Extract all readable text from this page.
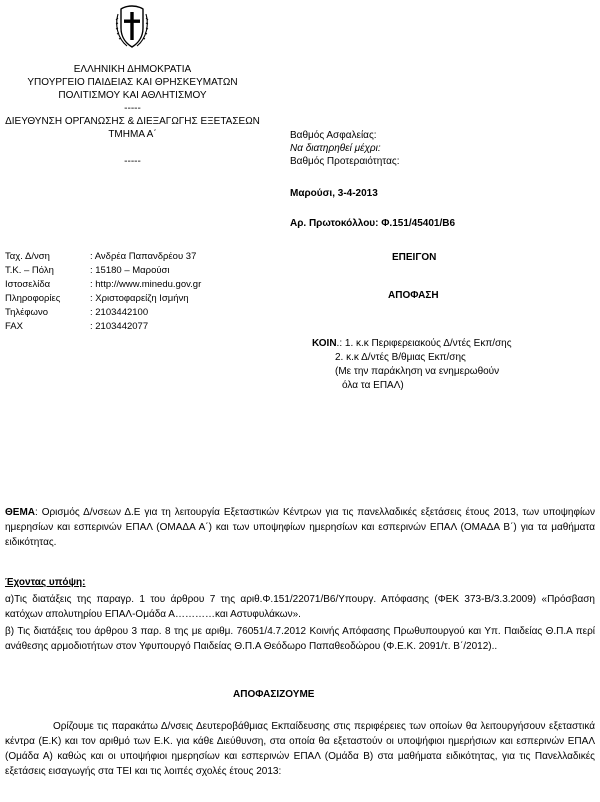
ΕΛΛΗΝΙΚΗ ΔΗΜΟΚΡΑΤΙΑ
ΥΠΟΥΡΓΕΙΟ ΠΑΙΔΕΙΑΣ ΚΑΙ ΘΡΗΣΚΕΥΜΑΤΩΝ
ΠΟΛΙΤΙΣΜΟΥ ΚΑΙ ΑΘΛΗΤΙΣΜΟΥ
-----
ΔΙΕΥΘΥΝΣΗ ΟΡΓΑΝΩΣΗΣ & ΔΙΕΞΑΓΩΓΗΣ ΕΞΕΤΑΣΕΩΝ
ΤΜΗΜΑ Α΄
-----
Βαθμός Ασφαλείας:
Να διατηρηθεί μέχρι:
Βαθμός Προτεραιότητας:
Μαρούσι, 3-4-2013
Αρ. Πρωτοκόλλου: Φ.151/45401/Β6
Ταχ. Δ/νση	: Ανδρέα Παπανδρέου 37
Τ.Κ. – Πόλη	: 15180 – Μαρούσι
Ιστοσελίδα	: http://www.minedu.gov.gr
Πληροφορίες	: Χριστοφαρείζη Ισμήνη
Τηλέφωνο	: 2103442100
FAX	: 2103442077
ΕΠΕΙΓΟΝ
ΑΠΟΦΑΣΗ
ΚΟΙΝ.: 1. κ.κ Περιφερειακούς Δ/ντές Εκπ/σης
2. κ.κ Δ/ντές Β/θμιας Εκπ/σης
(Με την παράκληση να ενημερωθούν
όλα τα ΕΠΑΛ)
ΘΕΜΑ: Ορισμός Δ/νσεων Δ.Ε για τη λειτουργία Εξεταστικών Κέντρων για τις πανελλαδικές εξετάσεις έτους 2013, των υποψηφίων ημερησίων και εσπερινών ΕΠΑΛ (ΟΜΑΔΑ Α΄) και των υποψηφίων ημερησίων και εσπερινών ΕΠΑΛ (ΟΜΑΔΑ Β΄) για τα μαθήματα ειδικότητας.
Έχοντας υπόψη:
α)Τις διατάξεις της παραγρ. 1 του άρθρου 7 της αριθ.Φ.151/22071/Β6/Υπουργ. Απόφασης (ΦΕΚ 373-Β/3.3.2009) «Πρόσβαση κατόχων απολυτηρίου ΕΠΑΛ-Ομάδα Α…………και Αστυφυλάκων».
β) Τις διατάξεις του άρθρου 3 παρ. 8 της με αριθμ. 76051/4.7.2012 Κοινής Απόφασης Πρωθυπουργού και Υπ. Παιδείας Θ.Π.Α περί ανάθεσης αρμοδιοτήτων στον Υφυπουργό Παιδείας Θ.Π.Α Θεόδωρο Παπαθεοδώρου (Φ.Ε.Κ. 2091/τ. Β΄/2012)..
ΑΠΟΦΑΣΙΖΟΥΜΕ
Ορίζουμε τις παρακάτω Δ/νσεις Δευτεροβάθμιας Εκπαίδευσης στις περιφέρειες των οποίων θα λειτουργήσουν εξεταστικά κέντρα (Ε.Κ) και τον αριθμό των Ε.Κ. για κάθε Διεύθυνση, στα οποία θα εξεταστούν οι υποψήφιοι ημερήσιων και εσπερινών ΕΠΑΛ (Ομάδα Α) καθώς και οι υποψήφιοι ημερησίων και εσπερινών ΕΠΑΛ (Ομάδα Β) στα μαθήματα ειδικότητας, για τις Πανελλαδικές εξετάσεις εισαγωγής στα ΤΕΙ και τις λοιπές σχολές έτους 2013:
